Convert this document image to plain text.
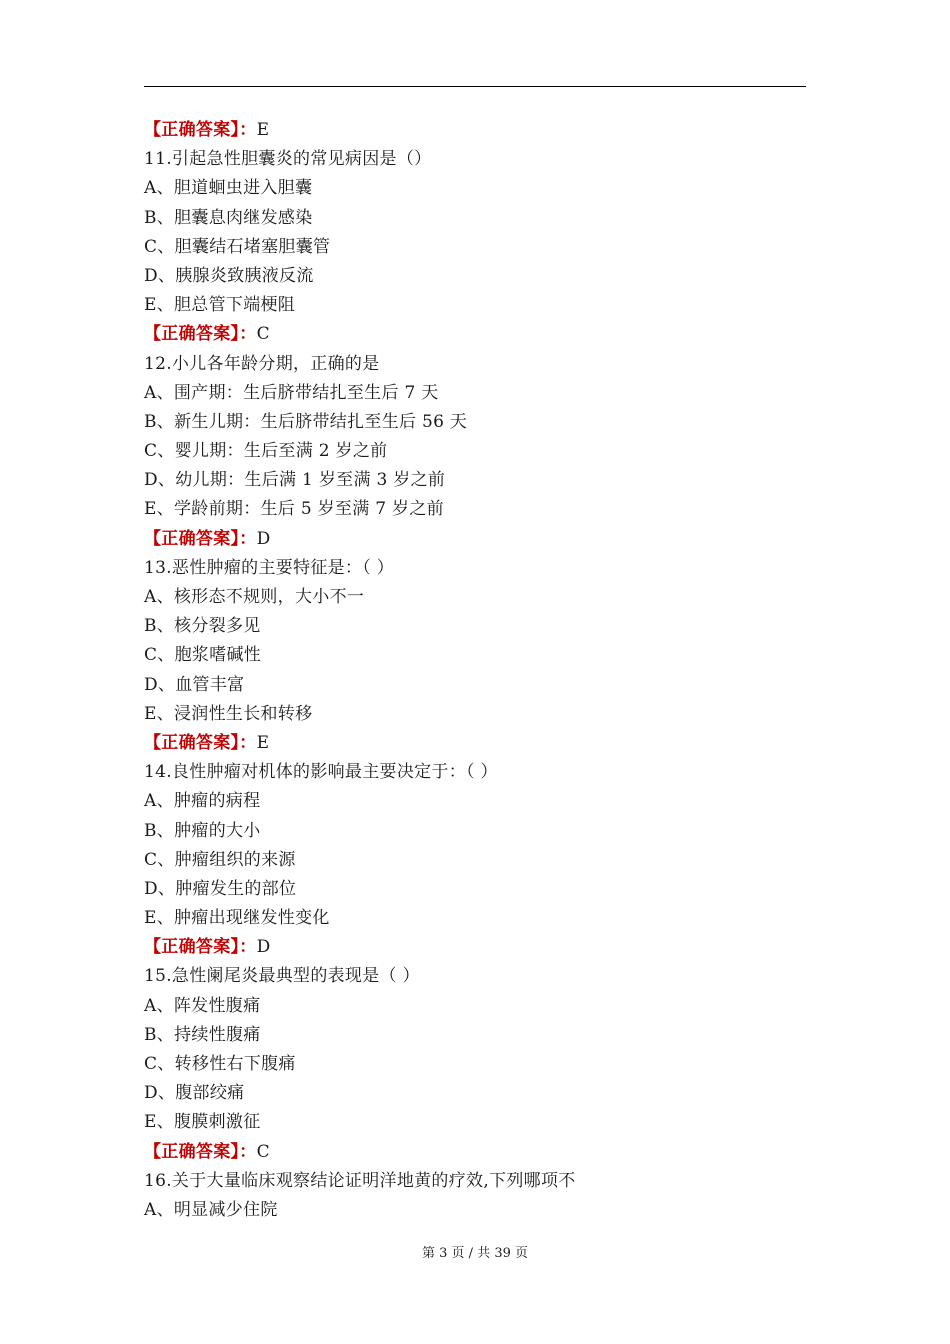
【正确答案】：E
11.引起急性胆囊炎的常见病因是（）
A、胆道蛔虫进入胆囊
B、胆囊息肉继发感染
C、胆囊结石堵塞胆囊管
D、胰腺炎致胰液反流
E、胆总管下端梗阻
【正确答案】：C
12.小儿各年龄分期，正确的是
A、围产期：生后脐带结扎至生后 7 天
B、新生儿期：生后脐带结扎至生后 56 天
C、婴儿期：生后至满 2 岁之前
D、幼儿期：生后满 1 岁至满 3 岁之前
E、学龄前期：生后 5 岁至满 7 岁之前
【正确答案】：D
13.恶性肿瘤的主要特征是：（ ）
A、核形态不规则，大小不一
B、核分裂多见
C、胞浆嗜碱性
D、血管丰富
E、浸润性生长和转移
【正确答案】：E
14.良性肿瘤对机体的影响最主要决定于：（ ）
A、肿瘤的病程
B、肿瘤的大小
C、肿瘤组织的来源
D、肿瘤发生的部位
E、肿瘤出现继发性变化
【正确答案】：D
15.急性阑尾炎最典型的表现是（ ）
A、阵发性腹痛
B、持续性腹痛
C、转移性右下腹痛
D、腹部绞痛
E、腹膜刺激征
【正确答案】：C
16.关于大量临床观察结论证明洋地黄的疗效,下列哪项不
A、明显减少住院
第 3 页 / 共 39 页
